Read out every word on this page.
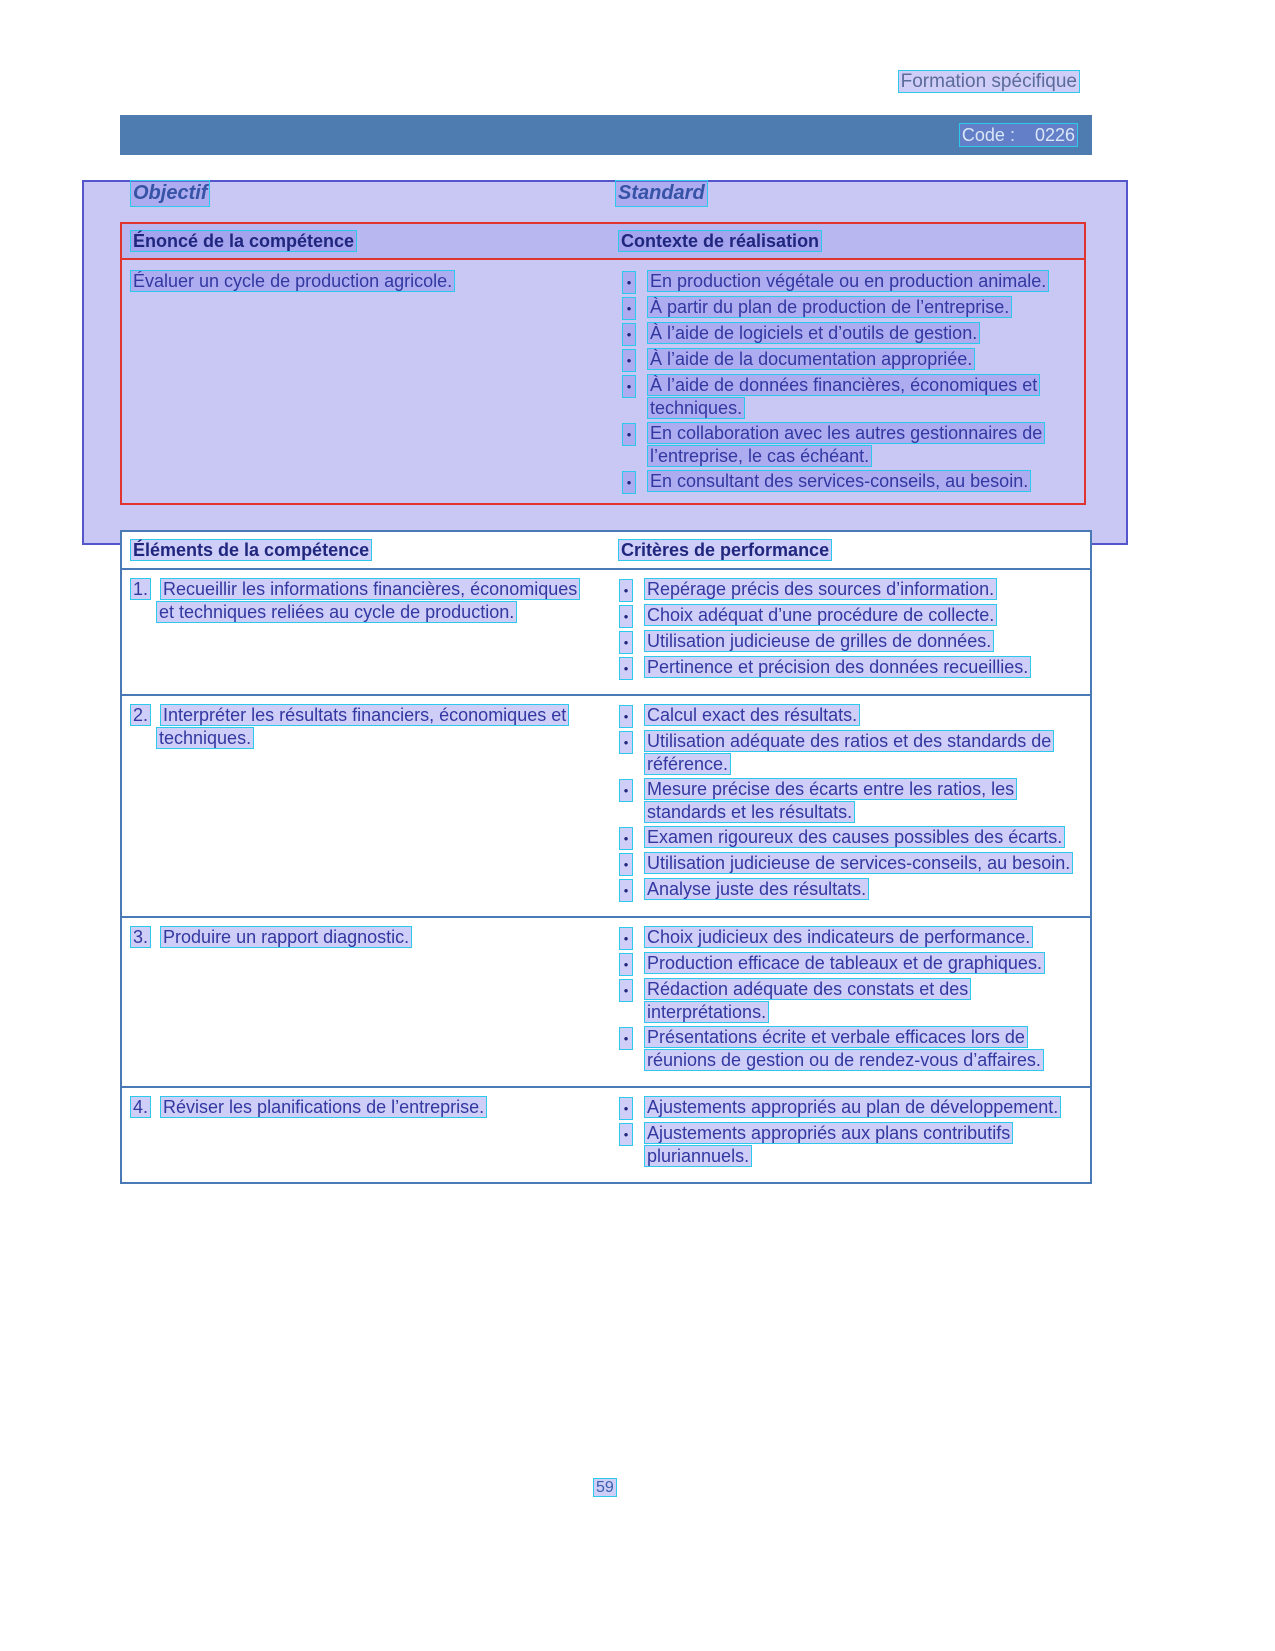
Formation spécifique
Code :    0226
Objectif	Standard
Énoncé de la compétence	Contexte de réalisation
Évaluer un cycle de production agricole.	• En production végétale ou en production animale.
• À partir du plan de production de l’entreprise.
• À l’aide de logiciels et d’outils de gestion.
• À l’aide de la documentation appropriée.
• À l’aide de données financières, économiques et techniques.
• En collaboration avec les autres gestionnaires de l’entreprise, le cas échéant.
• En consultant des services-conseils, au besoin.
Éléments de la compétence	Critères de performance
1. Recueillir les informations financières, économiques et techniques reliées au cycle de production.
• Repérage précis des sources d’information.
• Choix adéquat d’une procédure de collecte.
• Utilisation judicieuse de grilles de données.
• Pertinence et précision des données recueillies.
2. Interpréter les résultats financiers, économiques et techniques.
• Calcul exact des résultats.
• Utilisation adéquate des ratios et des standards de référence.
• Mesure précise des écarts entre les ratios, les standards et les résultats.
• Examen rigoureux des causes possibles des écarts.
• Utilisation judicieuse de services-conseils, au besoin.
• Analyse juste des résultats.
3. Produire un rapport diagnostic.	• Choix judicieux des indicateurs de performance.
• Production efficace de tableaux et de graphiques.
• Rédaction adéquate des constats et des interprétations.
• Présentations écrite et verbale efficaces lors de réunions de gestion ou de rendez-vous d’affaires.
4. Réviser les planifications de l’entreprise.	• Ajustements appropriés au plan de développement.
• Ajustements appropriés aux plans contributifs pluriannuels.
59
